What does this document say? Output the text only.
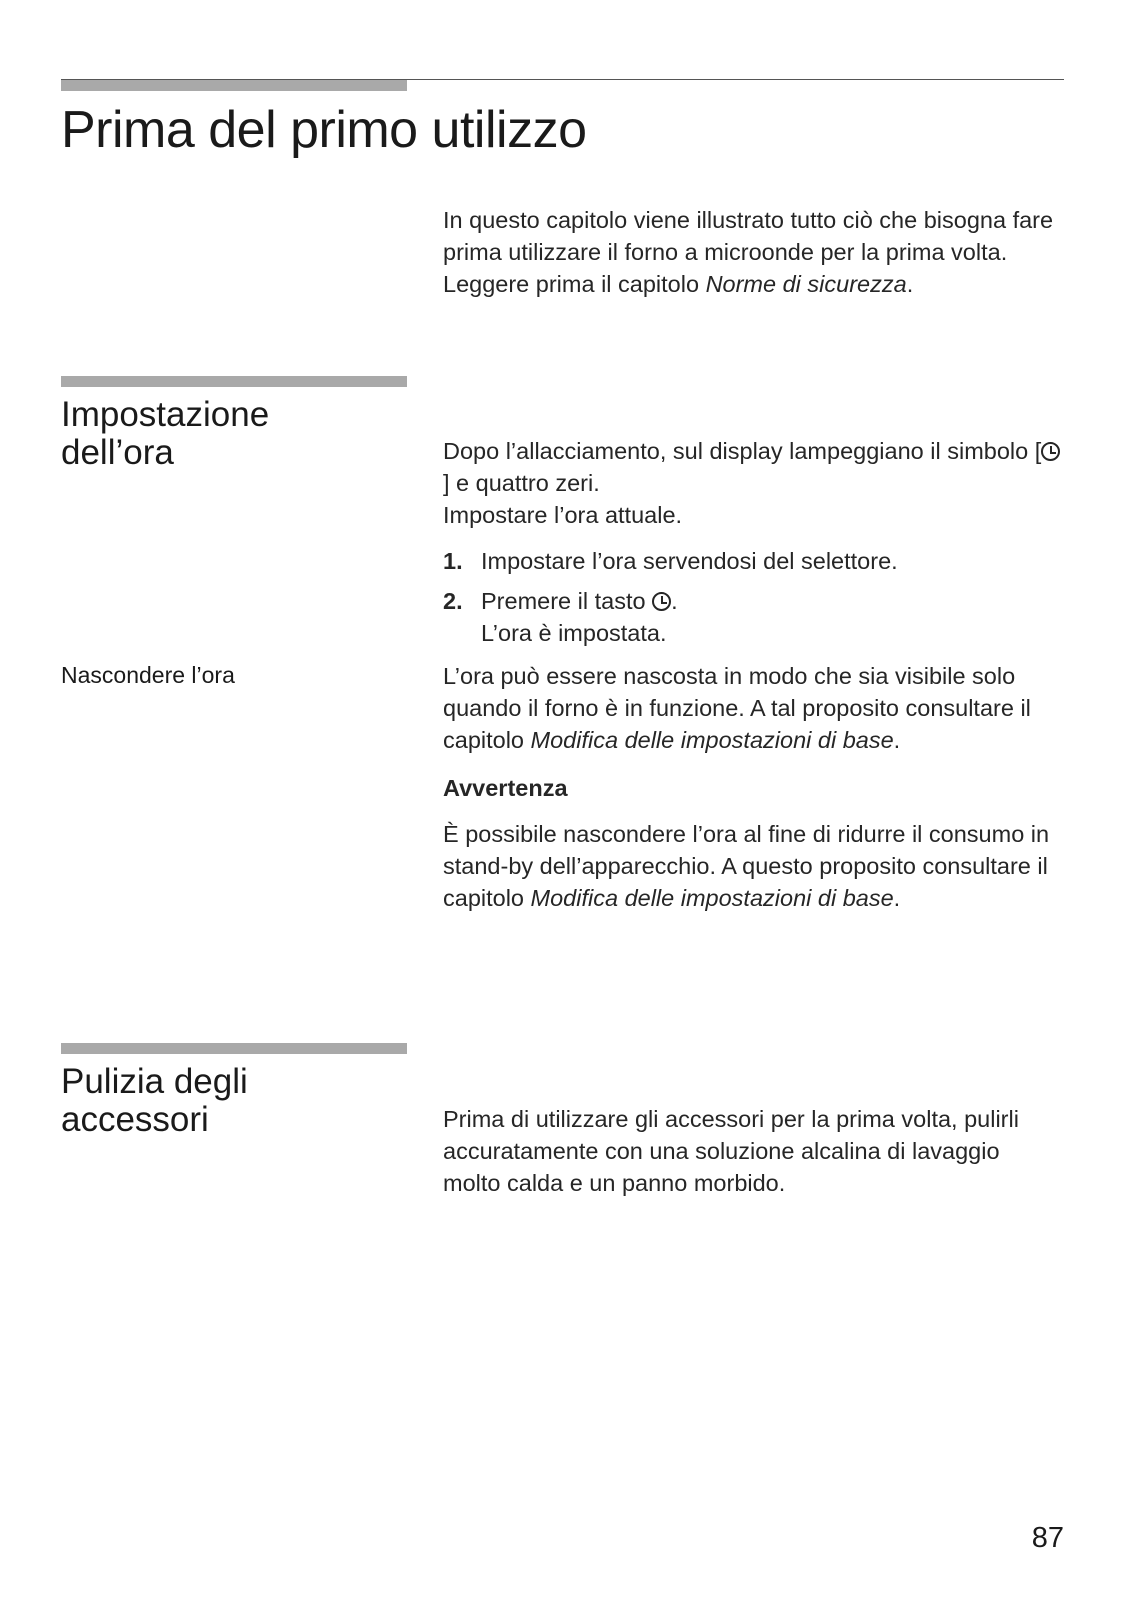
Prima del primo utilizzo

In questo capitolo viene illustrato tutto ciò che bisogna fare prima utilizzare il forno a microonde per la prima volta.

Leggere prima il capitolo Norme di sicurezza.

Impostazione
dell’ora	Dopo l’allacciamento, sul display lampeggiano il simbolo [] e quattro zeri.

Impostare l’ora attuale.

1. Impostare l’ora servendosi del selettore.
2. Premere il tasto .
L’ora è impostata.
Nascondere l’ora	L’ora può essere nascosta in modo che sia visibile solo quando il forno è in funzione. A tal proposito consultare il capitolo Modifica delle impostazioni di base.

Avvertenza

È possibile nascondere l’ora al fine di ridurre il consumo in stand-by dell’apparecchio. A questo proposito consultare il capitolo Modifica delle impostazioni di base.

Pulizia degli
accessori	Prima di utilizzare gli accessori per la prima volta, pulirli accuratamente con una soluzione alcalina di lavaggio molto calda e un panno morbido.

87
